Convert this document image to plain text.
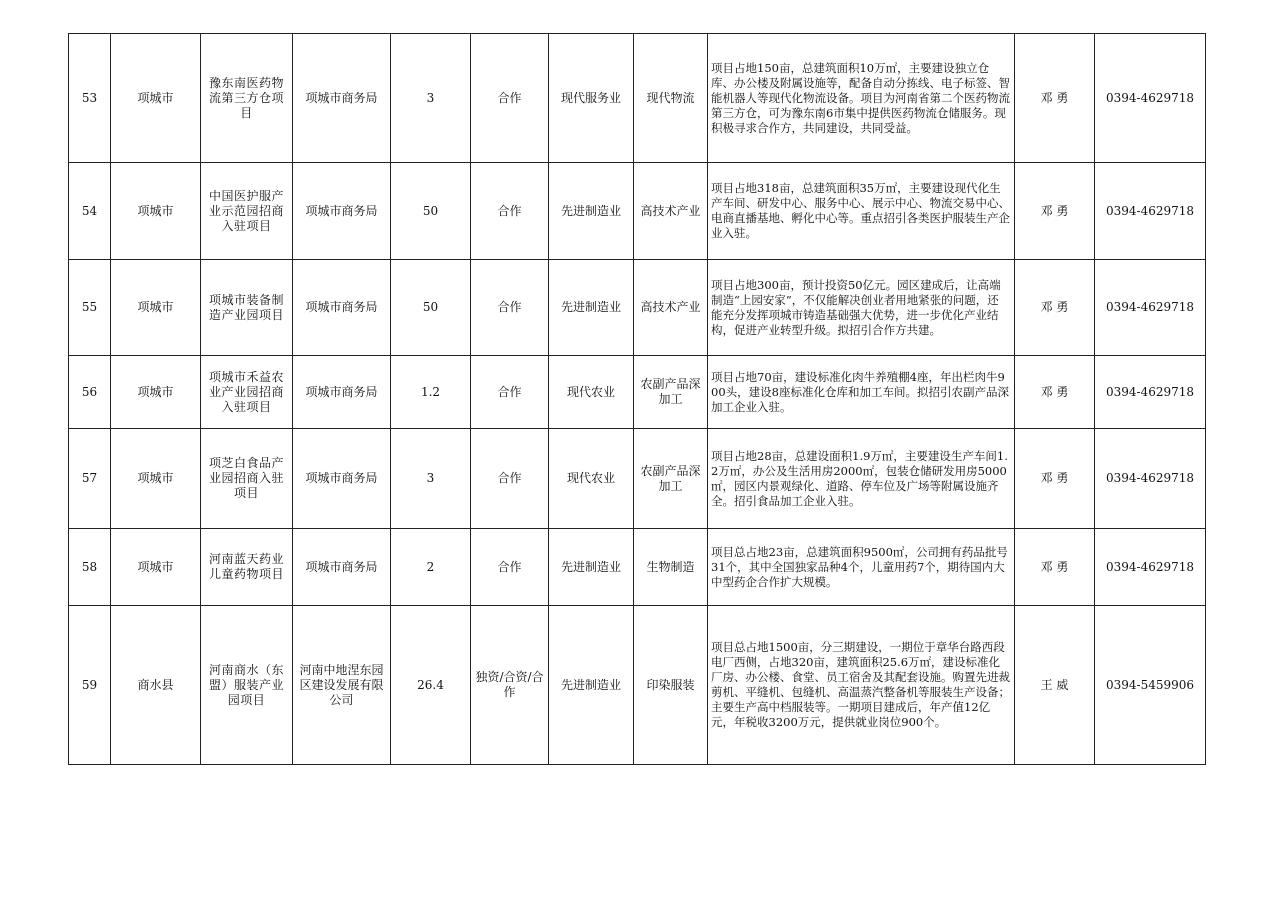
53	项城市	豫东南医药物流第三方仓项目	项城市商务局	3	合作	现代服务业	现代物流	项目占地150亩，总建筑面积10万㎡，主要建设独立仓库、办公楼及附属设施等，配备自动分拣线、电子标签、智能机器人等现代化物流设备。项目为河南省第二个医药物流第三方仓，可为豫东南6市集中提供医药物流仓储服务。现积极寻求合作方，共同建设，共同受益。	邓 勇	0394-4629718
54	项城市	中国医护服产业示范园招商入驻项目	项城市商务局	50	合作	先进制造业	高技术产业	项目占地318亩，总建筑面积35万㎡，主要建设现代化生产车间、研发中心、服务中心、展示中心、物流交易中心、电商直播基地、孵化中心等。重点招引各类医护服装生产企业入驻。	邓 勇	0394-4629718
55	项城市	项城市装备制造产业园项目	项城市商务局	50	合作	先进制造业	高技术产业	项目占地300亩，预计投资50亿元。园区建成后，让高端制造“上园安家”，不仅能解决创业者用地紧张的问题，还能充分发挥项城市铸造基础强大优势，进一步优化产业结构，促进产业转型升级。拟招引合作方共建。	邓 勇	0394-4629718
56	项城市	项城市禾益农业产业园招商入驻项目	项城市商务局	1.2	合作	现代农业	农副产品深加工	项目占地70亩，建设标准化肉牛养殖棚4座，年出栏肉牛900头，建设8座标准化仓库和加工车间。拟招引农副产品深加工企业入驻。	邓 勇	0394-4629718
57	项城市	项芝白食品产业园招商入驻项目	项城市商务局	3	合作	现代农业	农副产品深加工	项目占地28亩，总建设面积1.9万㎡，主要建设生产车间1.2万㎡，办公及生活用房2000㎡，包装仓储研发用房5000㎡，园区内景观绿化、道路、停车位及广场等附属设施齐全。招引食品加工企业入驻。	邓 勇	0394-4629718
58	项城市	河南蓝天药业儿童药物项目	项城市商务局	2	合作	先进制造业	生物制造	项目总占地23亩，总建筑面积9500㎡，公司拥有药品批号31个，其中全国独家品种4个，儿童用药7个，期待国内大中型药企合作扩大规模。	邓 勇	0394-4629718
59	商水县	河南商水（东盟）服装产业园项目	河南中地涅东园区建设发展有限公司	26.4	独资/合资/合作	先进制造业	印染服装	项目总占地1500亩，分三期建设，一期位于章华台路西段电厂西侧，占地320亩，建筑面积25.6万㎡，建设标准化厂房、办公楼、食堂、员工宿舍及其配套设施。购置先进裁剪机、平缝机、包缝机、高温蒸汽整备机等服装生产设备；主要生产高中档服装等。一期项目建成后，年产值12亿元，年税收3200万元，提供就业岗位900个。	王 威	0394-5459906
